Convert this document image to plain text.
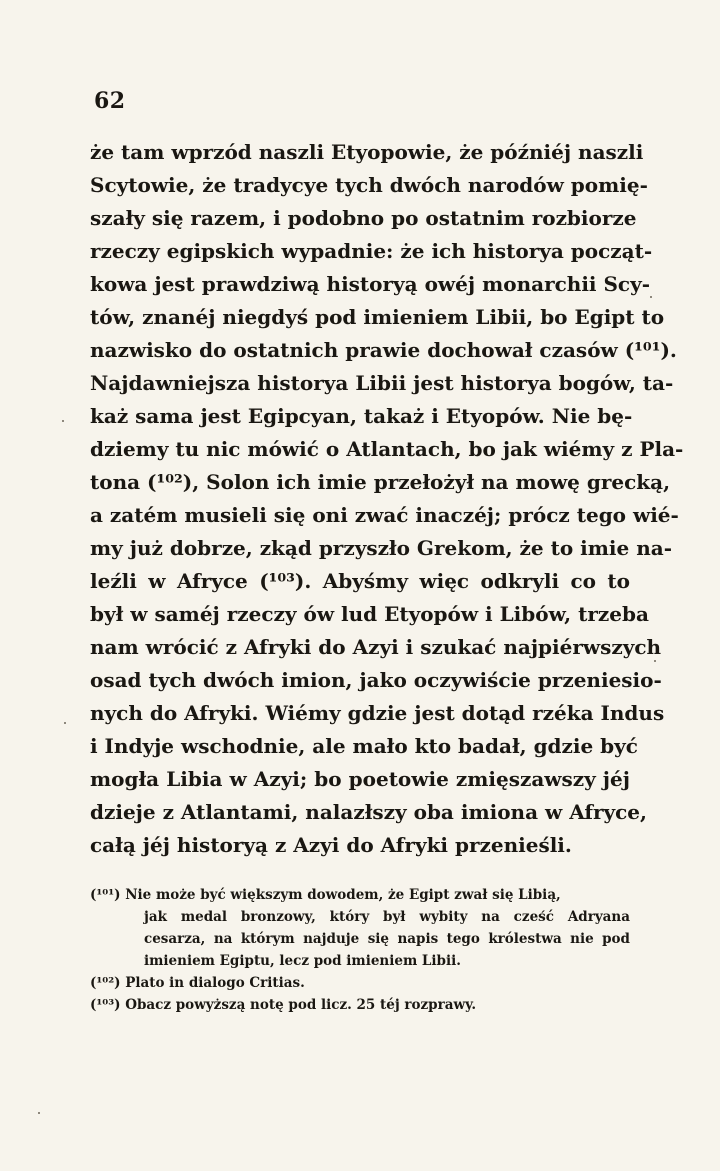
62
że tam wprzód naszli Etyopowie, że późniéj naszli
Scytowie, że tradycye tych dwóch narodów pomię-
szały się razem, i podobno po ostatnim rozbiorze
rzeczy egipskich wypadnie: że ich historya począt-
kowa jest prawdziwą historyą owéj monarchii Scy-
tów, znanéj niegdyś pod imieniem Libii, bo Egipt to
nazwisko do ostatnich prawie dochował czasów (¹⁰¹).
Najdawniejsza historya Libii jest historya bogów, ta-
każ sama jest Egipcyan, takaż i Etyopów. Nie bę-
dziemy tu nic mówić o Atlantach, bo jak wiémy z Pla-
tona (¹⁰²), Solon ich imie przełożył na mowę grecką,
a zatém musieli się oni zwać inaczéj; prócz tego wié-
my już dobrze, zkąd przyszło Grekom, że to imie na-
leźli w Afryce (¹⁰³). Abyśmy więc odkryli co to
był w saméj rzeczy ów lud Etyopów i Libów, trzeba
nam wrócić z Afryki do Azyi i szukać najpiérwszych
osad tych dwóch imion, jako oczywiście przeniesio-
nych do Afryki. Wiémy gdzie jest dotąd rzéka Indus
i Indyje wschodnie, ale mało kto badał, gdzie być
mogła Libia w Azyi; bo poetowie zmięszawszy jéj
dzieje z Atlantami, nalazłszy oba imiona w Afryce,
całą jéj historyą z Azyi do Afryki przenieśli.
(¹⁰¹) Nie może być większym dowodem, że Egipt zwał się Libią,
jak medal bronzowy, który był wybity na cześć Adryana
cesarza, na którym najduje się napis tego królestwa nie pod
imieniem Egiptu, lecz pod imieniem Libii.
(¹⁰²) Plato in dialogo Critias.
(¹⁰³) Obacz powyższą notę pod licz. 25 téj rozprawy.
